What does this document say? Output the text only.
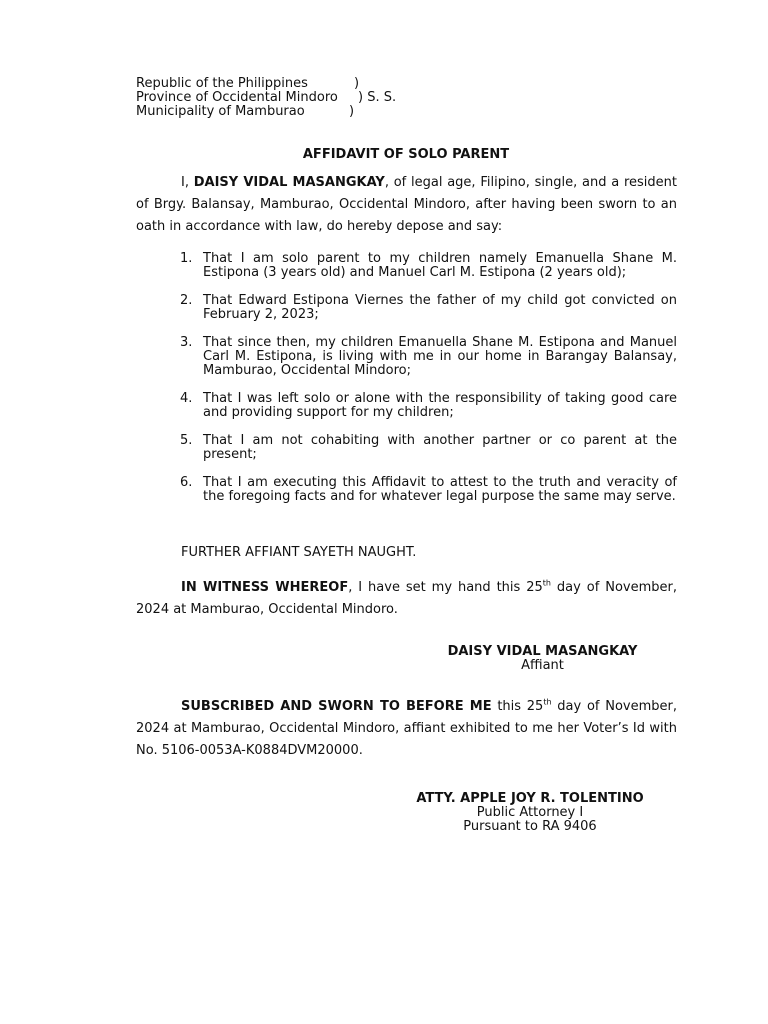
Republic of the Philippines	)
Province of Occidental Mindoro	) S. S.
Municipality of Mamburao	)
AFFIDAVIT OF SOLO PARENT
I, DAISY VIDAL MASANGKAY, of legal age, Filipino, single, and a resident of Brgy. Balansay, Mamburao, Occidental Mindoro, after having been sworn to an oath in accordance with law, do hereby depose and say:
1. That I am solo parent to my children namely Emanuella Shane M. Estipona (3 years old) and Manuel Carl M. Estipona (2 years old);
2. That Edward Estipona Viernes the father of my child got convicted on February 2, 2023;
3. That since then, my children Emanuella Shane M. Estipona and Manuel Carl M. Estipona, is living with me in our home in Barangay Balansay, Mamburao, Occidental Mindoro;
4. That I was left solo or alone with the responsibility of taking good care and providing support for my children;
5. That I am not cohabiting with another partner or co parent at the present;
6. That I am executing this Affidavit to attest to the truth and veracity of the foregoing facts and for whatever legal purpose the same may serve.
FURTHER AFFIANT SAYETH NAUGHT.
IN WITNESS WHEREOF, I have set my hand this 25th day of November, 2024 at Mamburao, Occidental Mindoro.
DAISY VIDAL MASANGKAY
Affiant
SUBSCRIBED AND SWORN TO BEFORE ME this 25th day of November, 2024 at Mamburao, Occidental Mindoro, affiant exhibited to me her Voter’s Id with No. 5106-0053A-K0884DVM20000.
ATTY. APPLE JOY R. TOLENTINO
Public Attorney I
Pursuant to RA 9406
